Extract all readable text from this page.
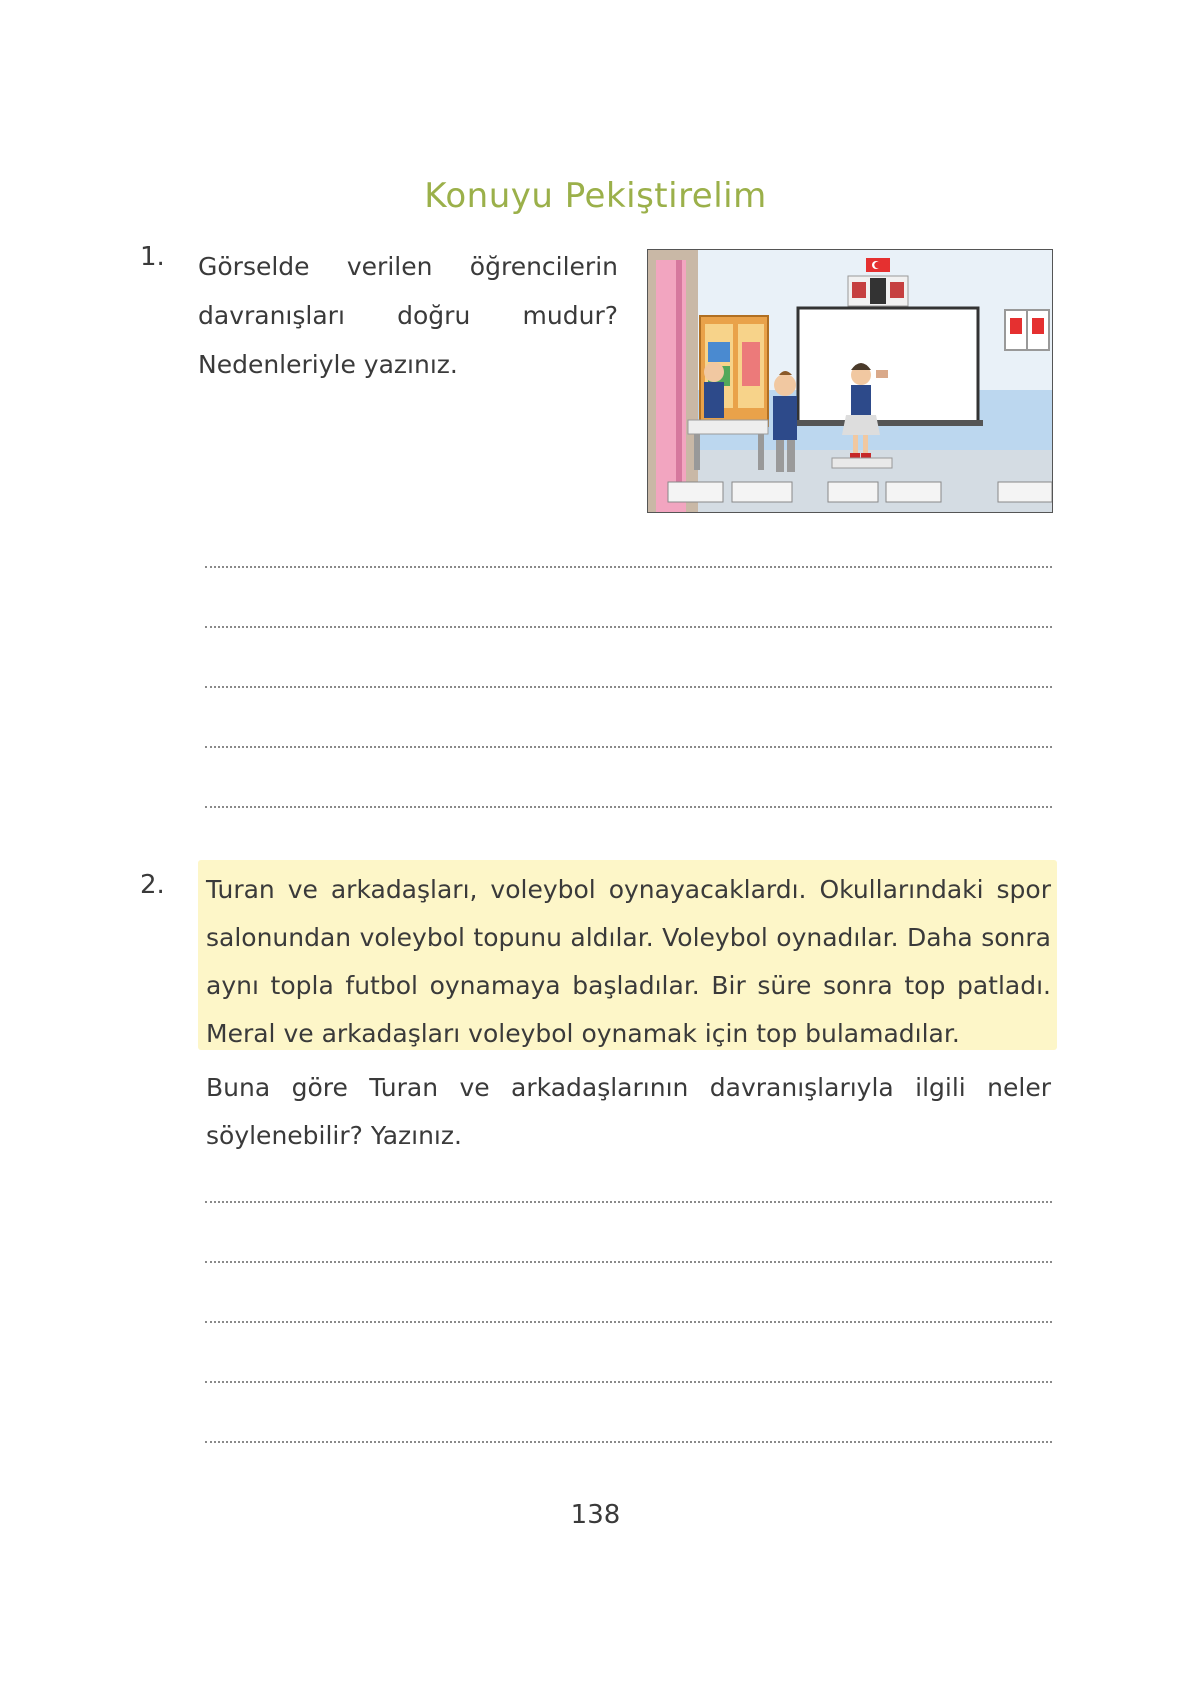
Konuyu Pekiştirelim
1. Görselde verilen öğrencilerin davranışları doğru mudur? Nedenleriyle yazınız.
2. Turan ve arkadaşları, voleybol oynayacaklardı. Okullarındaki spor salonundan voleybol topunu aldılar. Voleybol oynadılar. Daha sonra aynı topla futbol oynamaya başladılar. Bir süre sonra top patladı. Meral ve arkadaşları voleybol oynamak için top bulamadılar.
Buna göre Turan ve arkadaşlarının davranışlarıyla ilgili neler söylenebilir? Yazınız.
138
